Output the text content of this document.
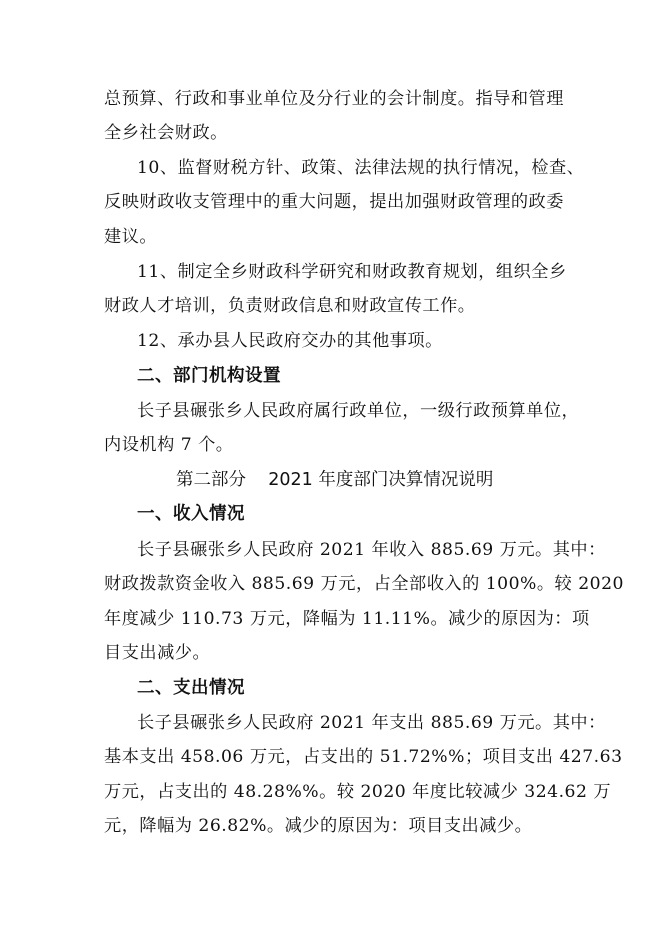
总预算、行政和事业单位及分行业的会计制度。指导和管理
全乡社会财政。
10、监督财税方针、政策、法律法规的执行情况，检查、
反映财政收支管理中的重大问题，提出加强财政管理的政委
建议。
11、制定全乡财政科学研究和财政教育规划，组织全乡
财政人才培训，负责财政信息和财政宣传工作。
12、承办县人民政府交办的其他事项。
二、部门机构设置
长子县碾张乡人民政府属行政单位，一级行政预算单位，
内设机构 7 个。
第二部分    2021 年度部门决算情况说明
一、收入情况
长子县碾张乡人民政府 2021 年收入 885.69 万元。其中：
财政拨款资金收入 885.69 万元，占全部收入的 100%。较 2020
年度减少 110.73 万元，降幅为 11.11%。减少的原因为：项
目支出减少。
二、支出情况
长子县碾张乡人民政府 2021 年支出 885.69 万元。其中：
基本支出 458.06 万元，占支出的 51.72%%；项目支出 427.63
万元，占支出的 48.28%%。较 2020 年度比较减少 324.62 万
元，降幅为 26.82%。减少的原因为：项目支出减少。
